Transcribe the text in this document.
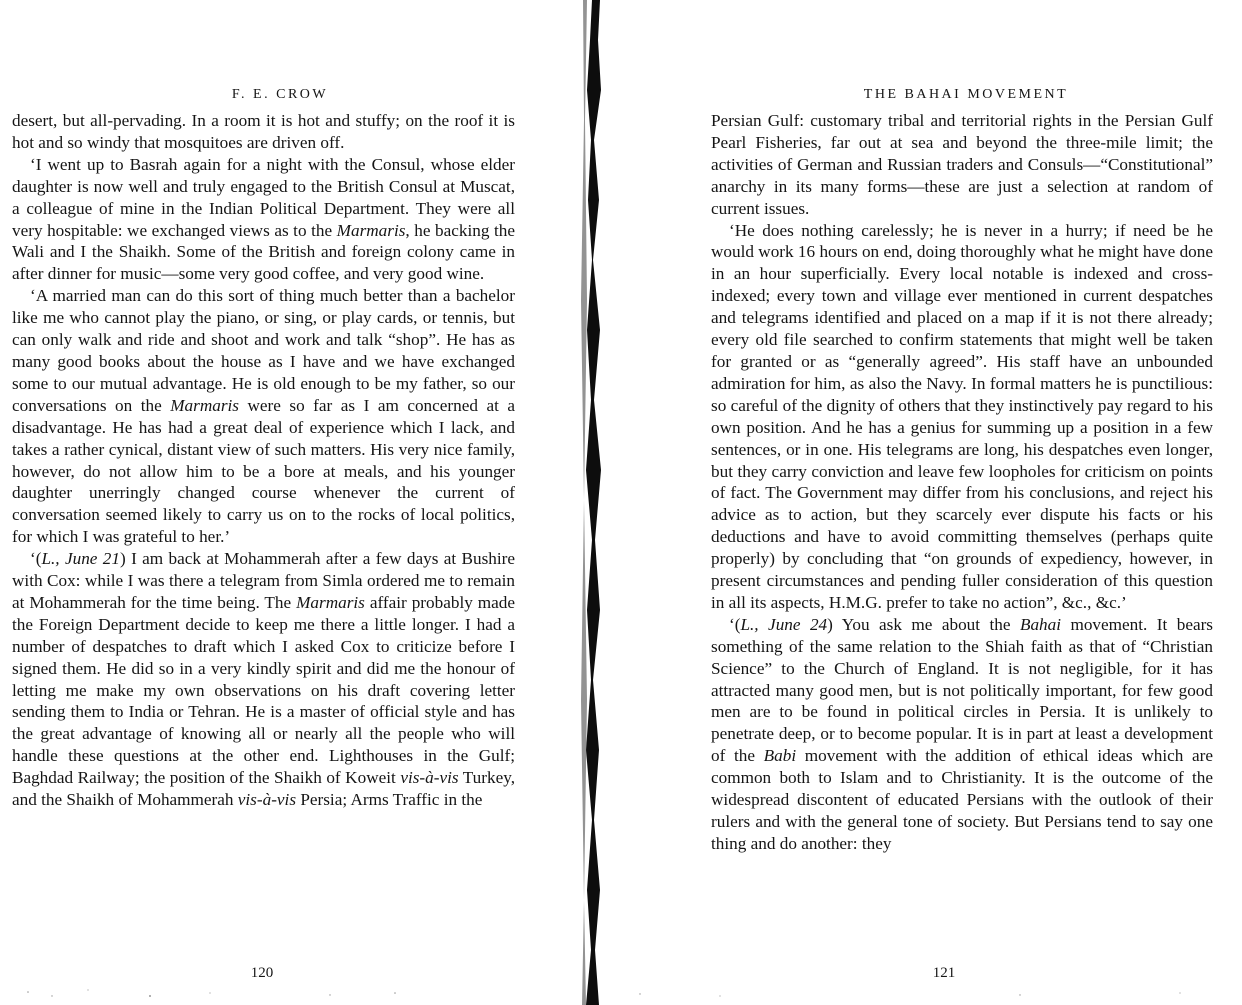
F. E. CROW

desert, but all-pervading. In a room it is hot and stuffy; on the roof it is hot and so windy that mosquitoes are driven off.

‘I went up to Basrah again for a night with the Consul, whose elder daughter is now well and truly engaged to the British Consul at Muscat, a colleague of mine in the Indian Political Department. They were all very hospitable: we exchanged views as to the Marmaris, he backing the Wali and I the Shaikh. Some of the British and foreign colony came in after dinner for music—some very good coffee, and very good wine.

‘A married man can do this sort of thing much better than a bachelor like me who cannot play the piano, or sing, or play cards, or tennis, but can only walk and ride and shoot and work and talk “shop”. He has as many good books about the house as I have and we have exchanged some to our mutual advantage. He is old enough to be my father, so our conversations on the Marmaris were so far as I am concerned at a disadvantage. He has had a great deal of experience which I lack, and takes a rather cynical, distant view of such matters. His very nice family, however, do not allow him to be a bore at meals, and his younger daughter unerringly changed course whenever the current of conversation seemed likely to carry us on to the rocks of local politics, for which I was grateful to her.’

‘(L., June 21) I am back at Mohammerah after a few days at Bushire with Cox: while I was there a telegram from Simla ordered me to remain at Mohammerah for the time being. The Marmaris affair probably made the Foreign Department decide to keep me there a little longer. I had a number of despatches to draft which I asked Cox to criticize before I signed them. He did so in a very kindly spirit and did me the honour of letting me make my own observations on his draft covering letter sending them to India or Tehran. He is a master of official style and has the great advantage of knowing all or nearly all the people who will handle these questions at the other end. Lighthouses in the Gulf; Baghdad Railway; the position of the Shaikh of Koweit vis-à-vis Turkey, and the Shaikh of Mohammerah vis-à-vis Persia; Arms Traffic in the

120
THE BAHAI MOVEMENT

Persian Gulf: customary tribal and territorial rights in the Persian Gulf Pearl Fisheries, far out at sea and beyond the three-mile limit; the activities of German and Russian traders and Consuls—“Constitutional” anarchy in its many forms—these are just a selection at random of current issues.

‘He does nothing carelessly; he is never in a hurry; if need be he would work 16 hours on end, doing thoroughly what he might have done in an hour superficially. Every local notable is indexed and cross-indexed; every town and village ever mentioned in current despatches and telegrams identified and placed on a map if it is not there already; every old file searched to confirm statements that might well be taken for granted or as “generally agreed”. His staff have an unbounded admiration for him, as also the Navy. In formal matters he is punctilious: so careful of the dignity of others that they instinctively pay regard to his own position. And he has a genius for summing up a position in a few sentences, or in one. His telegrams are long, his despatches even longer, but they carry conviction and leave few loopholes for criticism on points of fact. The Government may differ from his conclusions, and reject his advice as to action, but they scarcely ever dispute his facts or his deductions and have to avoid committing themselves (perhaps quite properly) by concluding that “on grounds of expediency, however, in present circumstances and pending fuller consideration of this question in all its aspects, H.M.G. prefer to take no action”, &c., &c.’

‘(L., June 24) You ask me about the Bahai movement. It bears something of the same relation to the Shiah faith as that of “Christian Science” to the Church of England. It is not negligible, for it has attracted many good men, but is not politically important, for few good men are to be found in political circles in Persia. It is unlikely to penetrate deep, or to become popular. It is in part at least a development of the Babi movement with the addition of ethical ideas which are common both to Islam and to Christianity. It is the outcome of the widespread discontent of educated Persians with the outlook of their rulers and with the general tone of society. But Persians tend to say one thing and do another: they

121
